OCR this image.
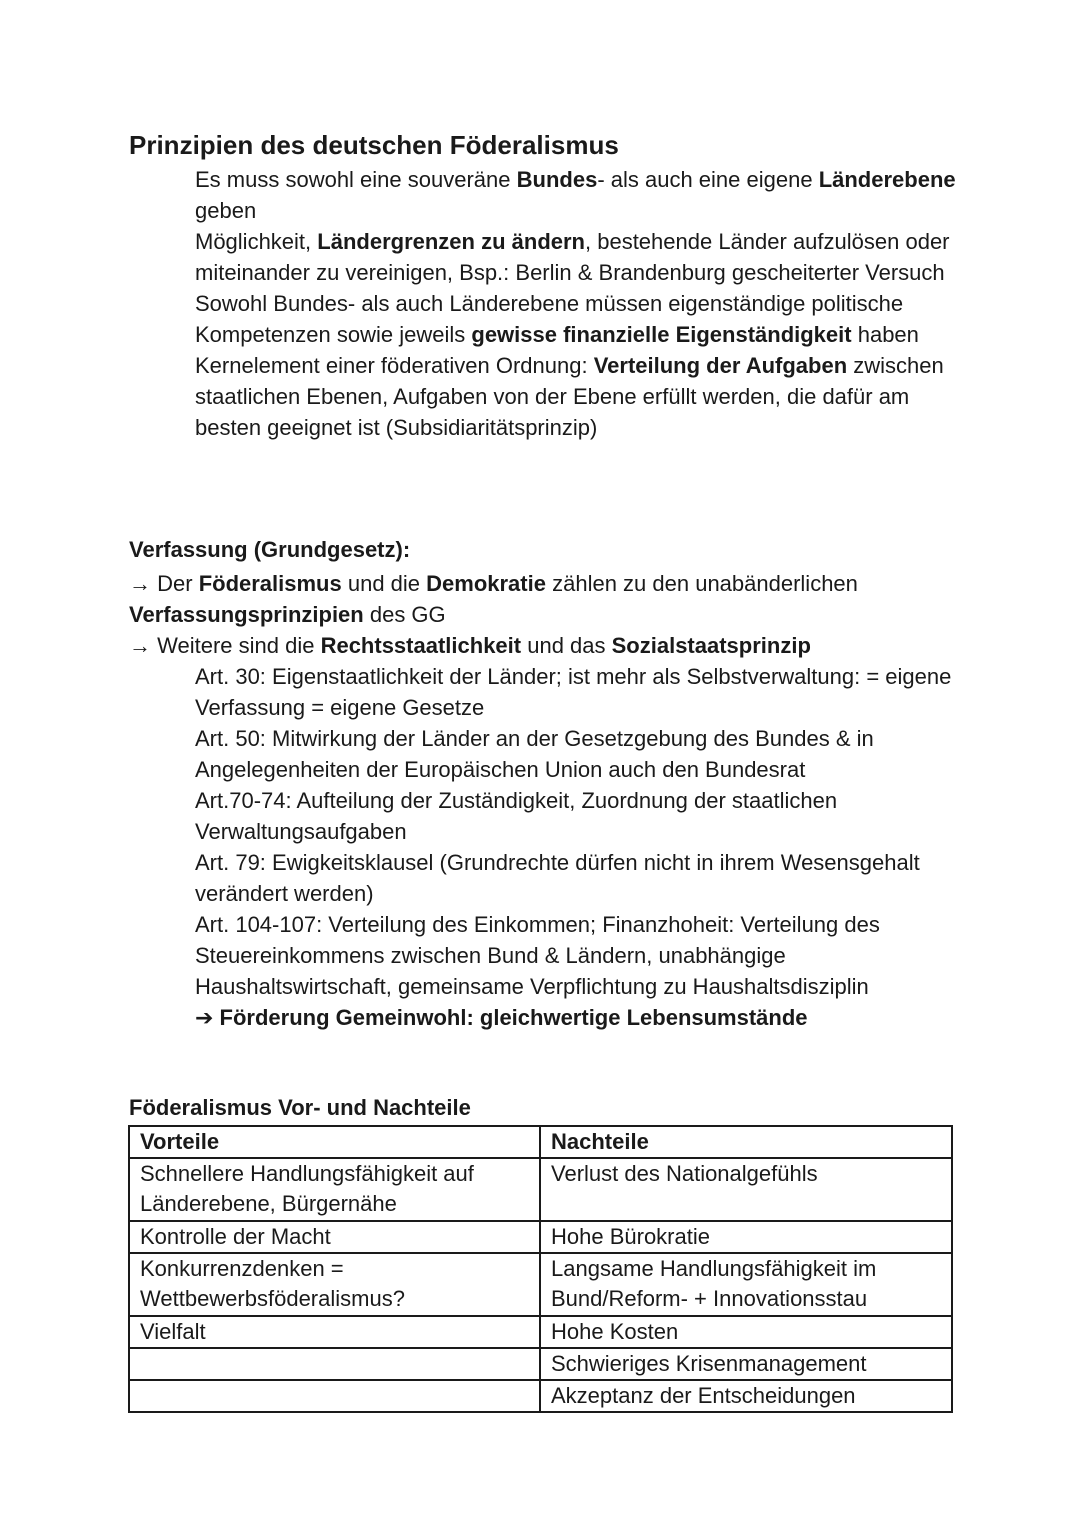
Prinzipien des deutschen Föderalismus

Es muss sowohl eine souveräne Bundes- als auch eine eigene Länderebene geben

Möglichkeit, Ländergrenzen zu ändern, bestehende Länder aufzulösen oder miteinander zu vereinigen, Bsp.: Berlin & Brandenburg gescheiterter Versuch

Sowohl Bundes- als auch Länderebene müssen eigenständige politische Kompetenzen sowie jeweils gewisse finanzielle Eigenständigkeit haben

Kernelement einer föderativen Ordnung: Verteilung der Aufgaben zwischen staatlichen Ebenen, Aufgaben von der Ebene erfüllt werden, die dafür am besten geeignet ist (Subsidiaritätsprinzip)

Verfassung (Grundgesetz):

→ Der Föderalismus und die Demokratie zählen zu den unabänderlichen Verfassungsprinzipien des GG

→ Weitere sind die Rechtsstaatlichkeit und das Sozialstaatsprinzip

Art. 30: Eigenstaatlichkeit der Länder; ist mehr als Selbstverwaltung: = eigene Verfassung = eigene Gesetze

Art. 50: Mitwirkung der Länder an der Gesetzgebung des Bundes & in Angelegenheiten der Europäischen Union auch den Bundesrat

Art.70-74: Aufteilung der Zuständigkeit, Zuordnung der staatlichen Verwaltungsaufgaben

Art. 79: Ewigkeitsklausel (Grundrechte dürfen nicht in ihrem Wesensgehalt verändert werden)

Art. 104-107: Verteilung des Einkommen; Finanzhoheit: Verteilung des Steuereinkommens zwischen Bund & Ländern, unabhängige Haushaltswirtschaft, gemeinsame Verpflichtung zu Haushaltsdisziplin

➔ Förderung Gemeinwohl: gleichwertige Lebensumstände

Föderalismus Vor- und Nachteile
Vorteile	Nachteile
Schnellere Handlungsfähigkeit auf Länderebene, Bürgernähe	Verlust des Nationalgefühls
Kontrolle der Macht	Hohe Bürokratie
Konkurrenzdenken = Wettbewerbsföderalismus?	Langsame Handlungsfähigkeit im Bund/Reform- + Innovationsstau
Vielfalt	Hohe Kosten
	Schwieriges Krisenmanagement
	Akzeptanz der Entscheidungen
